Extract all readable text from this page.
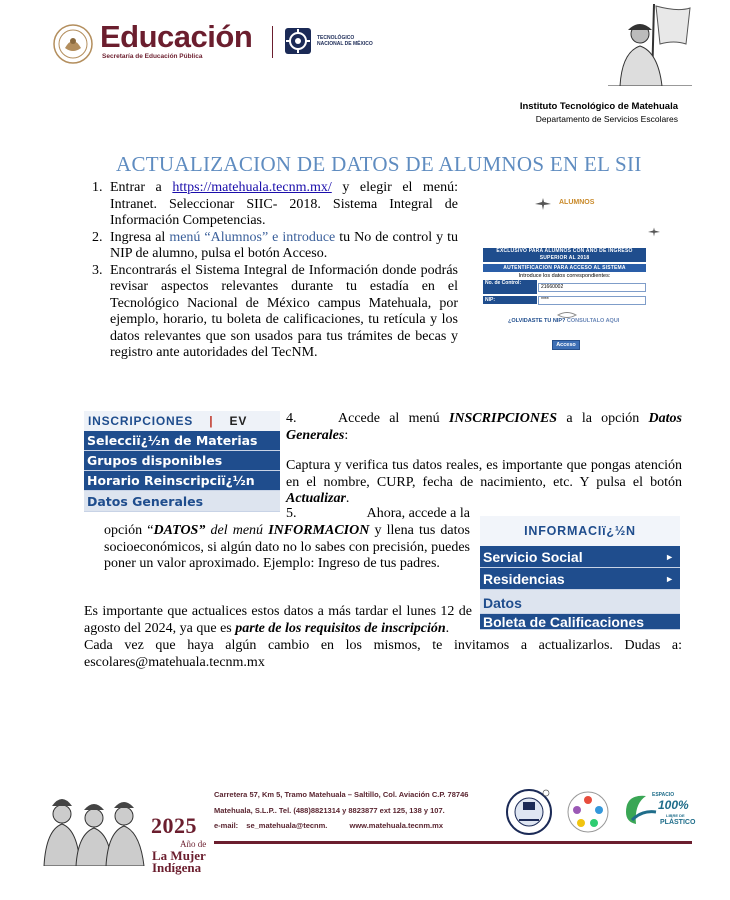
Educación
Secretaría de Educación Pública
TECNOLÓGICO
NACIONAL DE MÉXICO
Instituto Tecnológico de Matehuala
Departamento de Servicios Escolares
ACTUALIZACION DE DATOS DE ALUMNOS EN EL SII
1. Entrar a https://matehuala.tecnm.mx/ y elegir el menú: Intranet. Seleccionar SIIC- 2018. Sistema Integral de Información Competencias.
2. Ingresa al menú “Alumnos” e introduce tu No de control y tu NIP de alumno, pulsa el botón Acceso.
3. Encontrarás el Sistema Integral de Información donde podrás revisar aspectos relevantes durante tu estadía en el Tecnológico Nacional de México campus Matehuala, por ejemplo, horario, tu boleta de calificaciones, tu retícula y los datos relevantes que son usados para tus trámites de becas y registro ante autoridades del TecNM.
ALUMNOS
EXCLUSIVO PARA ALUMNOS CON AÑO DE INGRESO
SUPERIOR AL 2018
AUTENTIFICACION PARA ACCESO AL SISTEMA
Introduce los datos correspondientes:
No. de Control:
21660002
NIP:	****
¿OLVIDASTE TU NIP? CONSULTALO AQUI
Acceso
INSCRIPCIONES | EV
Selecciï¿½n de Materias
Grupos disponibles
Horario Reinscripciï¿½n
Datos Generales
4.	Accede al menú INSCRIPCIONES a la opción Datos Generales:
Captura y verifica tus datos reales, es importante que pongas atención en el nombre, CURP, fecha de nacimiento, etc. Y pulsa el botón Actualizar.
5.	Ahora, accede a la
opción “DATOS” del menú INFORMACION y llena tus datos socioeconómicos, si algún dato no lo sabes con precisión, puedes poner un valor aproximado. Ejemplo: Ingreso de tus padres.
INFORMACIï¿½N
Servicio Social	►
Residencias	►
Datos
Boleta de Calificaciones
Es importante que actualices estos datos a más tardar el lunes 12 de agosto del 2024, ya que es parte de los requisitos de inscripción.
Cada vez que haya algún cambio en los mismos, te invitamos a actualizarlos. Dudas a: escolares@matehuala.tecnm.mx
2025
Año de
La Mujer
Indígena
Carretera 57, Km 5, Tramo Matehuala – Saltillo, Col. Aviación C.P. 78746
Matehuala, S.L.P.. Tel. (488)8821314 y 8823877 ext 125, 138 y 107.
e-mail: se_matehuala@tecnm.	www.matehuala.tecnm.mx
ESPACIO
100%
LIBRE DE
PLÁSTICO
